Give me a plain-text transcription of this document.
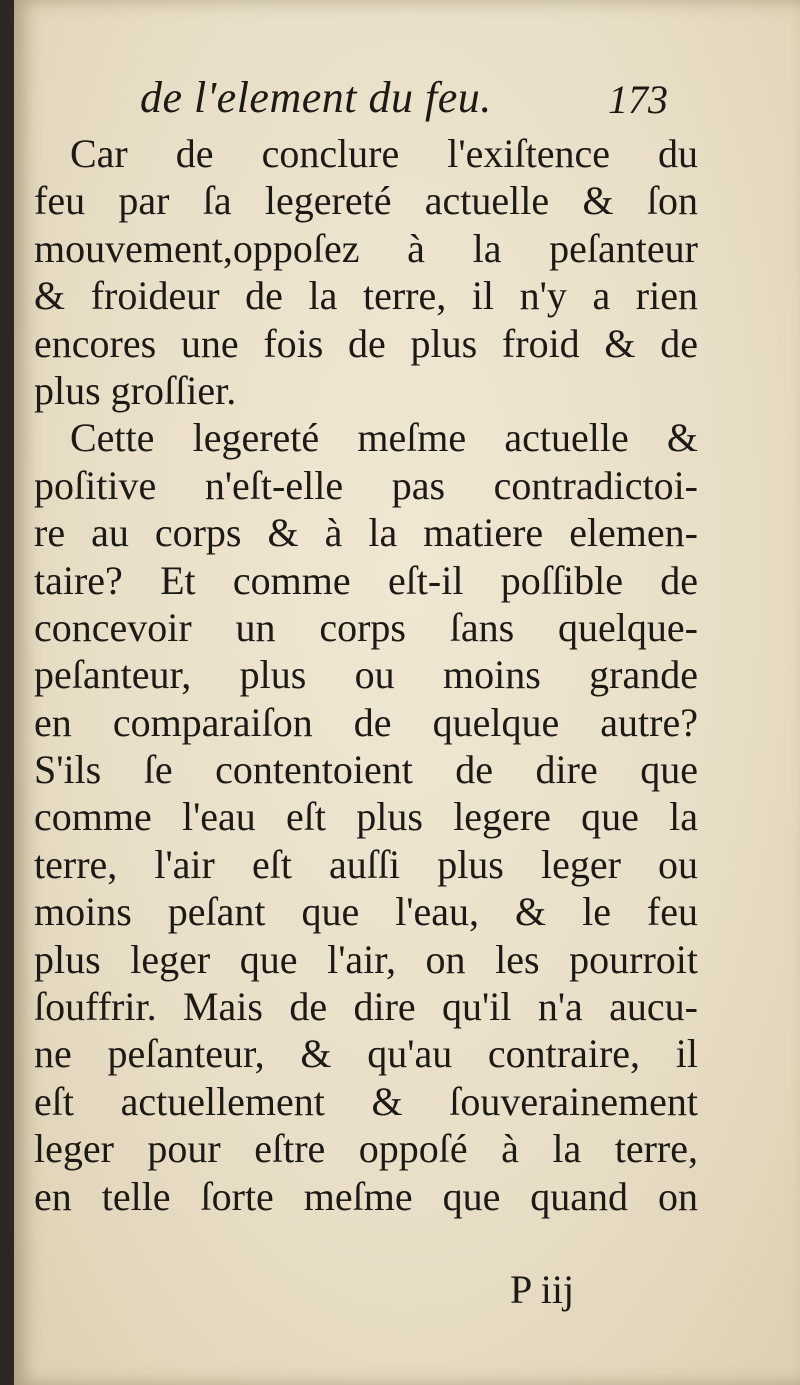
de l'element du feu.	173
Car de conclure l'exiſtence du
feu par ſa legereté actuelle & ſon
mouvement,oppoſez à la peſanteur
& froideur de la terre, il n'y a rien
encores une fois de plus froid & de
plus groſſier.
Cette legereté meſme actuelle &
poſitive n'eſt-elle pas contradictoi-
re au corps & à la matiere elemen-
taire? Et comme eſt-il poſſible de
concevoir un corps ſans quelque-
peſanteur, plus ou moins grande
en comparaiſon de quelque autre?
S'ils ſe contentoient de dire que
comme l'eau eſt plus legere que la
terre, l'air eſt auſſi plus leger ou
moins peſant que l'eau, & le feu
plus leger que l'air, on les pourroit
ſouffrir. Mais de dire qu'il n'a aucu-
ne peſanteur, & qu'au contraire, il
eſt actuellement & ſouverainement
leger pour eſtre oppoſé à la terre,
en telle ſorte meſme que quand on
P iij
